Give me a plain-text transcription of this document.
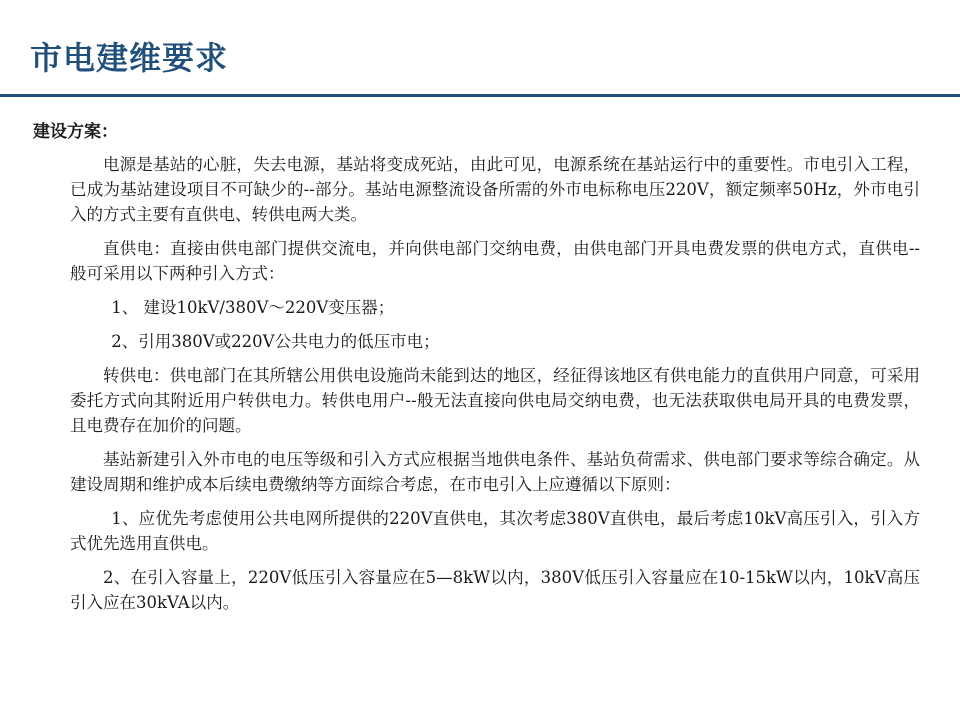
市电建维要求
建设方案：

电源是基站的心脏，失去电源，基站将变成死站，由此可见，电源系统在基站运行中的重要性。市电引入工程，已成为基站建设项目不可缺少的--部分。基站电源整流设备所需的外市电标称电压220V，额定频率50Hz，外市电引入的方式主要有直供电、转供电两大类。

直供电：直接由供电部门提供交流电，并向供电部门交纳电费，由供电部门开具电费发票的供电方式，直供电--般可采用以下两种引入方式：

1、 建设10kV/380V～220V变压器；

2、引用380V或220V公共电力的低压市电；

转供电：供电部门在其所辖公用供电设施尚未能到达的地区，经征得该地区有供电能力的直供用户同意，可采用委托方式向其附近用户转供电力。转供电用户--般无法直接向供电局交纳电费，也无法获取供电局开具的电费发票，且电费存在加价的问题。

基站新建引入外市电的电压等级和引入方式应根据当地供电条件、基站负荷需求、供电部门要求等综合确定。从建设周期和维护成本后续电费缴纳等方面综合考虑，在市电引入上应遵循以下原则：

1、应优先考虑使用公共电网所提供的220V直供电，其次考虑380V直供电，最后考虑10kV高压引入，引入方式优先选用直供电。

2、在引入容量上，220V低压引入容量应在5—8kW以内，380V低压引入容量应在10-15kW以内，10kV高压引入应在30kVA以内。
